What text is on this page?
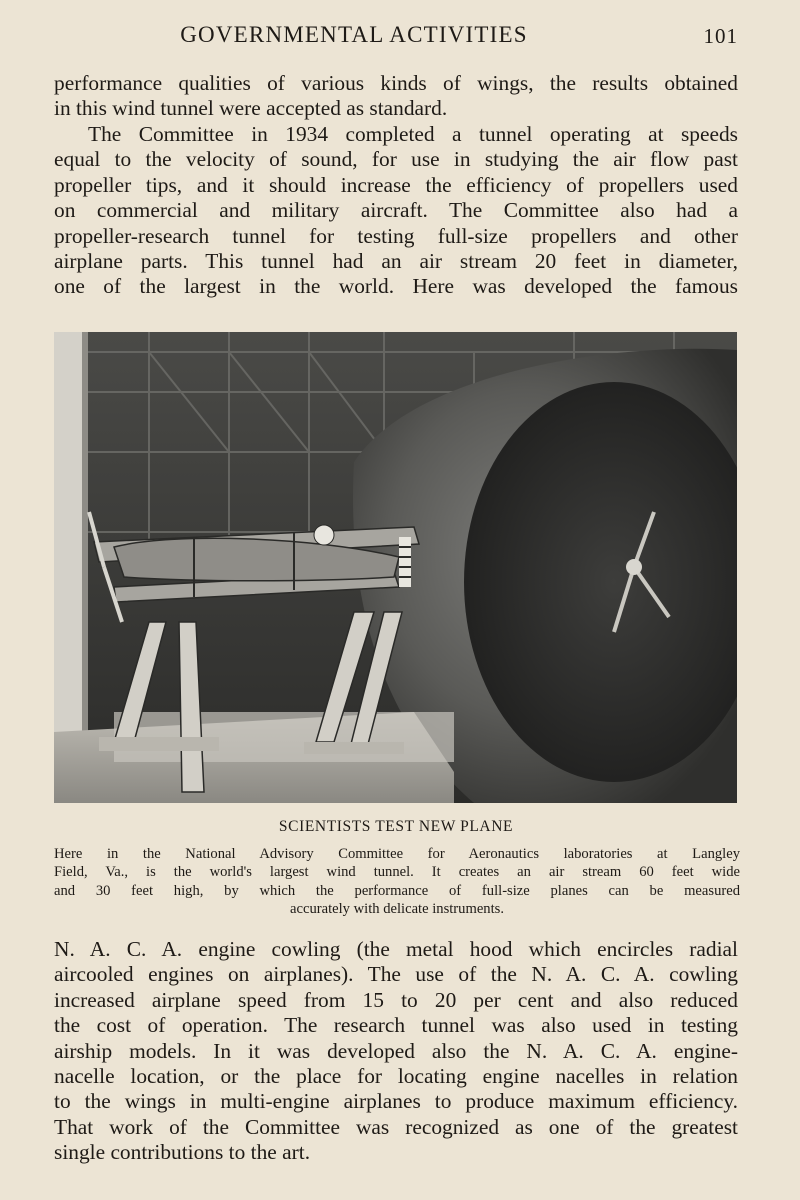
GOVERNMENTAL ACTIVITIES	101

performance qualities of various kinds of wings, the results obtained
in this wind tunnel were accepted as standard.

The Committee in 1934 completed a tunnel operating at speeds
equal to the velocity of sound, for use in studying the air flow past
propeller tips, and it should increase the efficiency of propellers used
on commercial and military aircraft. The Committee also had a
propeller-research tunnel for testing full-size propellers and other
airplane parts. This tunnel had an air stream 20 feet in diameter,
one of the largest in the world. Here was developed the famous

SCIENTISTS TEST NEW PLANE

Here in the National Advisory Committee for Aeronautics laboratories at Langley
Field, Va., is the world's largest wind tunnel. It creates an air stream 60 feet wide
and 30 feet high, by which the performance of full-size planes can be measured
accurately with delicate instruments.

N. A. C. A. engine cowling (the metal hood which encircles radial
aircooled engines on airplanes). The use of the N. A. C. A. cowling
increased airplane speed from 15 to 20 per cent and also reduced
the cost of operation. The research tunnel was also used in testing
airship models. In it was developed also the N. A. C. A. engine-
nacelle location, or the place for locating engine nacelles in relation
to the wings in multi-engine airplanes to produce maximum efficiency.
That work of the Committee was recognized as one of the greatest
single contributions to the art.
